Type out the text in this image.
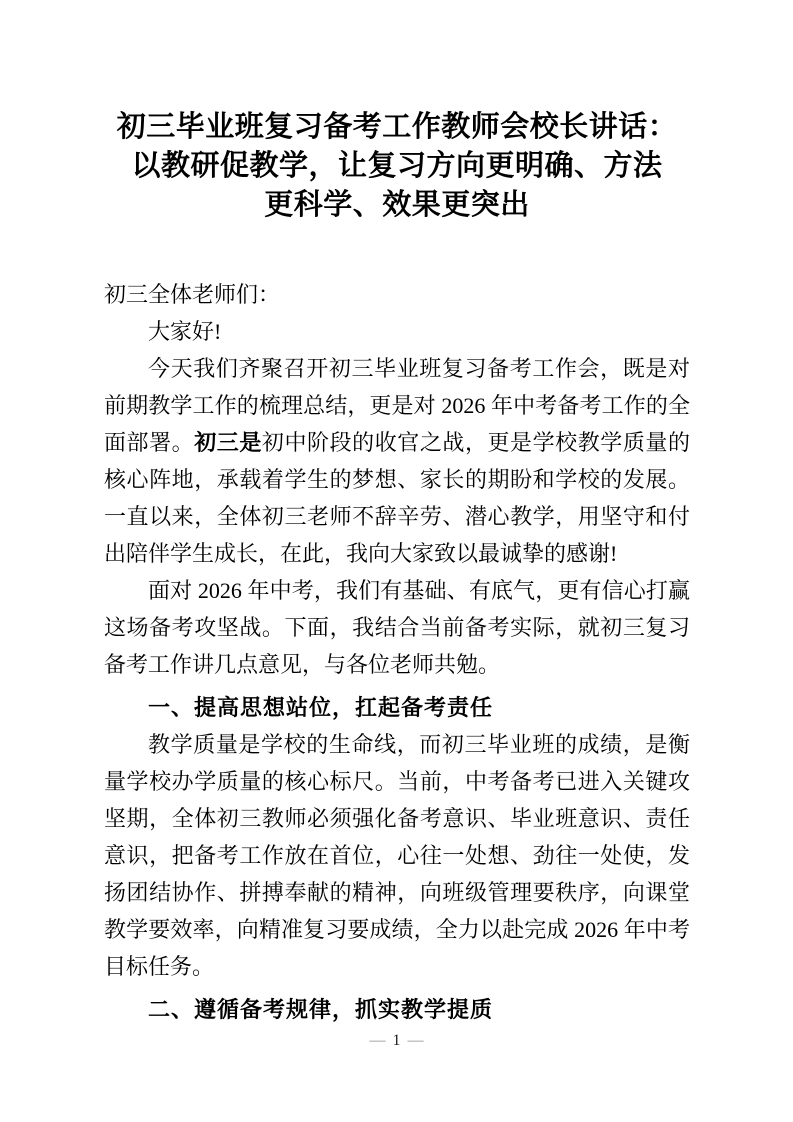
初三毕业班复习备考工作教师会校长讲话：
以教研促教学，让复习方向更明确、方法
更科学、效果更突出

初三全体老师们：

大家好!

今天我们齐聚召开初三毕业班复习备考工作会，既是对前期教学工作的梳理总结，更是对 2026 年中考备考工作的全面部署。初三是初中阶段的收官之战，更是学校教学质量的核心阵地，承载着学生的梦想、家长的期盼和学校的发展。一直以来，全体初三老师不辞辛劳、潜心教学，用坚守和付出陪伴学生成长，在此，我向大家致以最诚挚的感谢!

面对 2026 年中考，我们有基础、有底气，更有信心打赢这场备考攻坚战。下面，我结合当前备考实际，就初三复习备考工作讲几点意见，与各位老师共勉。

一、提高思想站位，扛起备考责任

教学质量是学校的生命线，而初三毕业班的成绩，是衡量学校办学质量的核心标尺。当前，中考备考已进入关键攻坚期，全体初三教师必须强化备考意识、毕业班意识、责任意识，把备考工作放在首位，心往一处想、劲往一处使，发扬团结协作、拼搏奉献的精神，向班级管理要秩序，向课堂教学要效率，向精准复习要成绩，全力以赴完成 2026 年中考目标任务。

二、遵循备考规律，抓实教学提质

— 1 —
